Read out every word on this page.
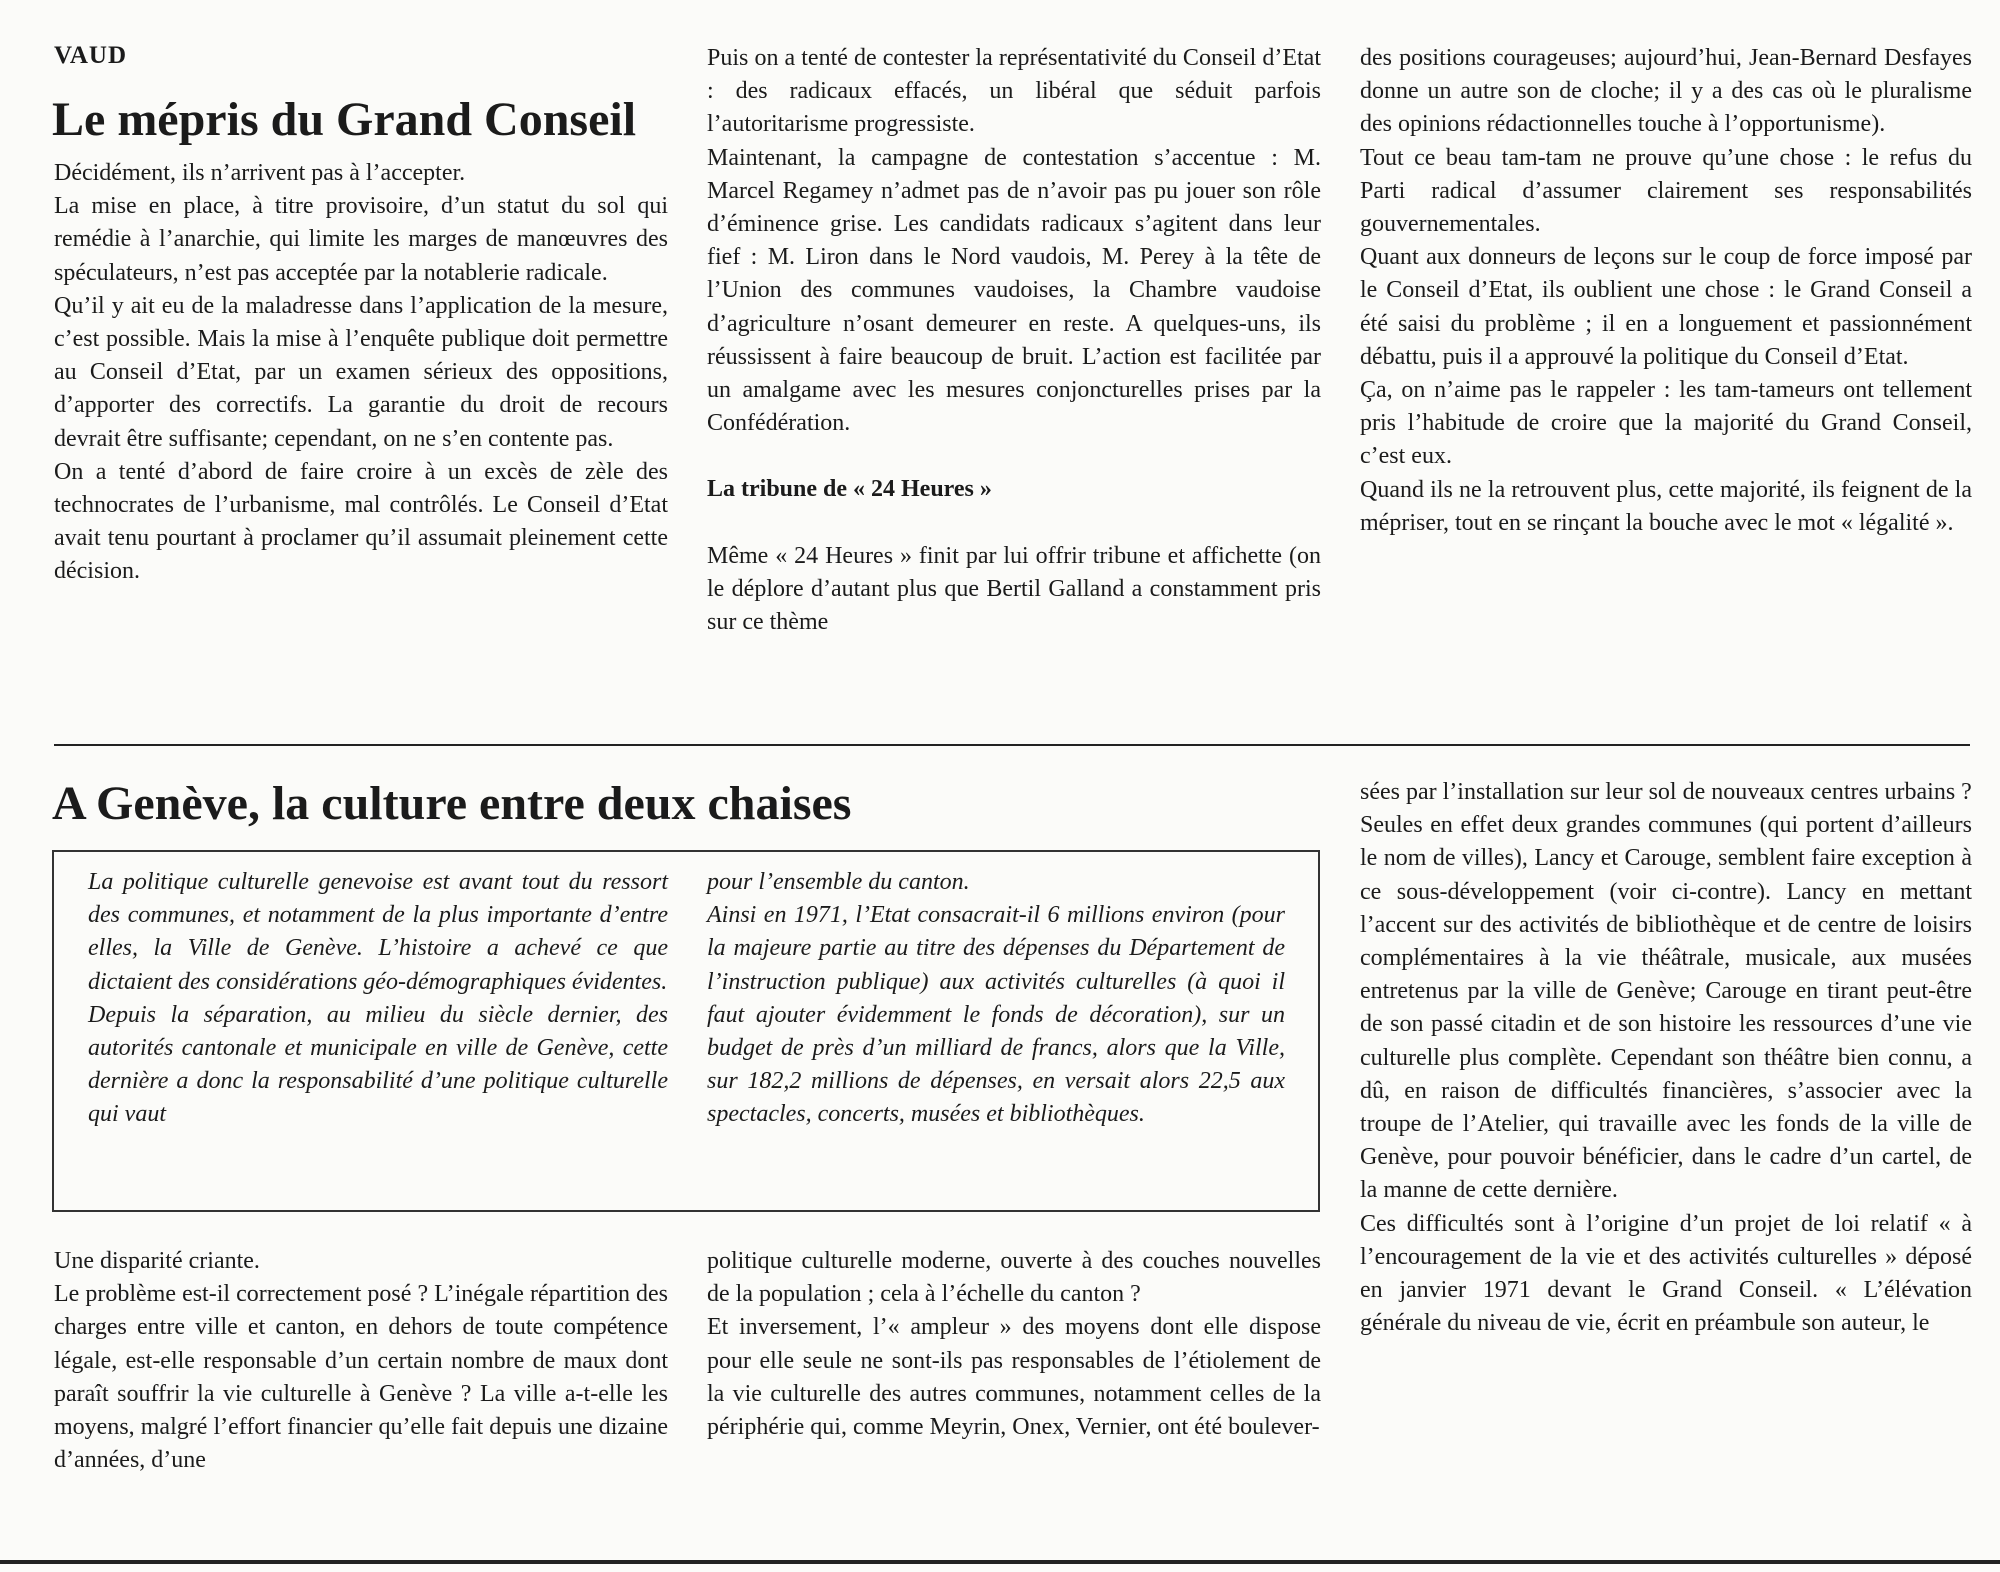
VAUD
Le mépris du Grand Conseil

Décidément, ils n’arrivent pas à l’accepter.

La mise en place, à titre provisoire, d’un statut du sol qui remédie à l’anarchie, qui limite les marges de manœuvres des spéculateurs, n’est pas acceptée par la notablerie radicale.

Qu’il y ait eu de la maladresse dans l’application de la mesure, c’est possible. Mais la mise à l’enquête publique doit permettre au Conseil d’Etat, par un examen sérieux des oppositions, d’apporter des correctifs. La garantie du droit de recours devrait être suffisante; cependant, on ne s’en contente pas.

On a tenté d’abord de faire croire à un excès de zèle des technocrates de l’urbanisme, mal contrôlés. Le Conseil d’Etat avait tenu pourtant à proclamer qu’il assumait pleinement cette décision.

Puis on a tenté de contester la représentativité du Conseil d’Etat : des radicaux effacés, un libéral que séduit parfois l’autoritarisme progressiste.

Maintenant, la campagne de contestation s’accentue : M. Marcel Regamey n’admet pas de n’avoir pas pu jouer son rôle d’éminence grise. Les candidats radicaux s’agitent dans leur fief : M. Liron dans le Nord vaudois, M. Perey à la tête de l’Union des communes vaudoises, la Chambre vaudoise d’agriculture n’osant demeurer en reste. A quelques-uns, ils réussissent à faire beaucoup de bruit. L’action est facilitée par un amalgame avec les mesures conjoncturelles prises par la Confédération.

La tribune de « 24 Heures »

Même « 24 Heures » finit par lui offrir tribune et affichette (on le déplore d’autant plus que Bertil Galland a constamment pris sur ce thème

des positions courageuses; aujourd’hui, Jean-Bernard Desfayes donne un autre son de cloche; il y a des cas où le pluralisme des opinions rédactionnelles touche à l’opportunisme).

Tout ce beau tam-tam ne prouve qu’une chose : le refus du Parti radical d’assumer clairement ses responsabilités gouvernementales.

Quant aux donneurs de leçons sur le coup de force imposé par le Conseil d’Etat, ils oublient une chose : le Grand Conseil a été saisi du problème ; il en a longuement et passionnément débattu, puis il a approuvé la politique du Conseil d’Etat.

Ça, on n’aime pas le rappeler : les tam-tameurs ont tellement pris l’habitude de croire que la majorité du Grand Conseil, c’est eux.

Quand ils ne la retrouvent plus, cette majorité, ils feignent de la mépriser, tout en se rinçant la bouche avec le mot « légalité ».

A Genève, la culture entre deux chaises

La politique culturelle genevoise est avant tout du ressort des communes, et notamment de la plus importante d’entre elles, la Ville de Genève. L’histoire a achevé ce que dictaient des considérations géo-démographiques évidentes.

Depuis la séparation, au milieu du siècle dernier, des autorités cantonale et municipale en ville de Genève, cette dernière a donc la responsabilité d’une politique culturelle qui vaut

pour l’ensemble du canton.

Ainsi en 1971, l’Etat consacrait-il 6 millions environ (pour la majeure partie au titre des dépenses du Département de l’instruction publique) aux activités culturelles (à quoi il faut ajouter évidemment le fonds de décoration), sur un budget de près d’un milliard de francs, alors que la Ville, sur 182,2 millions de dépenses, en versait alors 22,5 aux spectacles, concerts, musées et bibliothèques.

Une disparité criante.

Le problème est-il correctement posé ? L’inégale répartition des charges entre ville et canton, en dehors de toute compétence légale, est-elle responsable d’un certain nombre de maux dont paraît souffrir la vie culturelle à Genève ? La ville a-t-elle les moyens, malgré l’effort financier qu’elle fait depuis une dizaine d’années, d’une

politique culturelle moderne, ouverte à des couches nouvelles de la population ; cela à l’échelle du canton ?

Et inversement, l’« ampleur » des moyens dont elle dispose pour elle seule ne sont-ils pas responsables de l’étiolement de la vie culturelle des autres communes, notamment celles de la périphérie qui, comme Meyrin, Onex, Vernier, ont été boulever-

sées par l’installation sur leur sol de nouveaux centres urbains ?

Seules en effet deux grandes communes (qui portent d’ailleurs le nom de villes), Lancy et Carouge, semblent faire exception à ce sous-développement (voir ci-contre). Lancy en mettant l’accent sur des activités de bibliothèque et de centre de loisirs complémentaires à la vie théâtrale, musicale, aux musées entretenus par la ville de Genève; Carouge en tirant peut-être de son passé citadin et de son histoire les ressources d’une vie culturelle plus complète. Cependant son théâtre bien connu, a dû, en raison de difficultés financières, s’associer avec la troupe de l’Atelier, qui travaille avec les fonds de la ville de Genève, pour pouvoir bénéficier, dans le cadre d’un cartel, de la manne de cette dernière.

Ces difficultés sont à l’origine d’un projet de loi relatif « à l’encouragement de la vie et des activités culturelles » déposé en janvier 1971 devant le Grand Conseil. « L’élévation générale du niveau de vie, écrit en préambule son auteur, le
